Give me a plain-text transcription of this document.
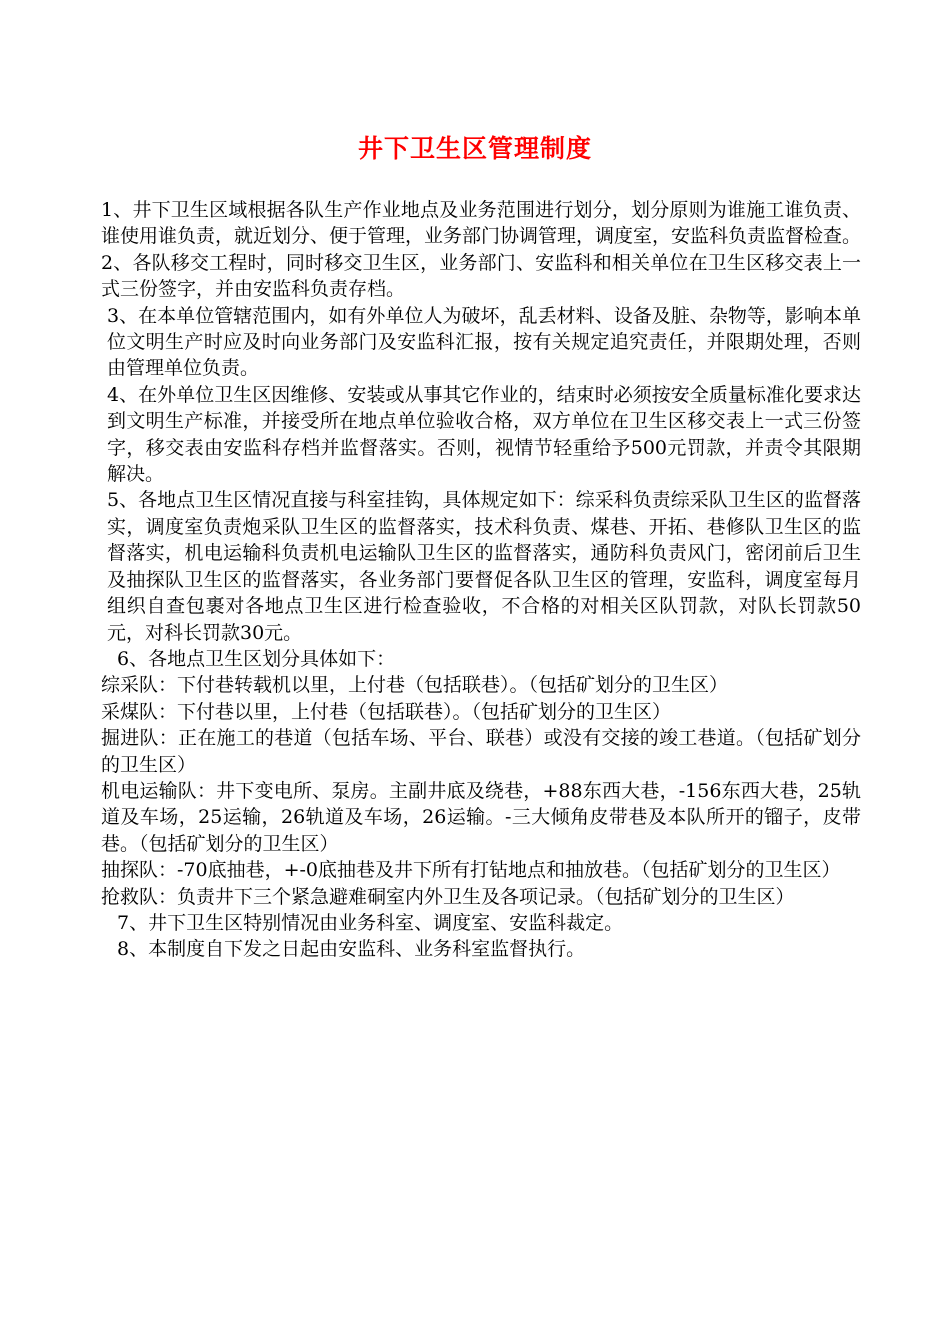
井下卫生区管理制度

1、井下卫生区域根据各队生产作业地点及业务范围进行划分，划分原则为谁施工谁负责、谁使用谁负责，就近划分、便于管理，业务部门协调管理，调度室，安监科负责监督检查。

2、各队移交工程时，同时移交卫生区，业务部门、安监科和相关单位在卫生区移交表上一式三份签字，并由安监科负责存档。

3、在本单位管辖范围内，如有外单位人为破坏，乱丢材料、设备及脏、杂物等，影响本单位文明生产时应及时向业务部门及安监科汇报，按有关规定追究责任，并限期处理，否则由管理单位负责。

4、在外单位卫生区因维修、安装或从事其它作业的，结束时必须按安全质量标准化要求达到文明生产标准，并接受所在地点单位验收合格，双方单位在卫生区移交表上一式三份签字，移交表由安监科存档并监督落实。否则，视情节轻重给予500元罚款，并责令其限期解决。

5、各地点卫生区情况直接与科室挂钩，具体规定如下：综采科负责综采队卫生区的监督落实，调度室负责炮采队卫生区的监督落实，技术科负责、煤巷、开拓、巷修队卫生区的监督落实，机电运输科负责机电运输队卫生区的监督落实，通防科负责风门，密闭前后卫生及抽探队卫生区的监督落实，各业务部门要督促各队卫生区的管理，安监科，调度室每月组织自查包裹对各地点卫生区进行检查验收，不合格的对相关区队罚款，对队长罚款50元，对科长罚款30元。

6、各地点卫生区划分具体如下：

综采队：下付巷转载机以里，上付巷（包括联巷）。（包括矿划分的卫生区）

采煤队：下付巷以里，上付巷（包括联巷）。（包括矿划分的卫生区）

掘进队：正在施工的巷道（包括车场、平台、联巷）或没有交接的竣工巷道。（包括矿划分的卫生区）

机电运输队：井下变电所、泵房。主副井底及绕巷，+88东西大巷，-156东西大巷，25轨道及车场，25运输，26轨道及车场，26运输。-三大倾角皮带巷及本队所开的镏子，皮带巷。（包括矿划分的卫生区）

抽探队：-70底抽巷，+-0底抽巷及井下所有打钻地点和抽放巷。（包括矿划分的卫生区）

抢救队：负责井下三个紧急避难硐室内外卫生及各项记录。（包括矿划分的卫生区）

7、井下卫生区特别情况由业务科室、调度室、安监科裁定。

8、本制度自下发之日起由安监科、业务科室监督执行。
